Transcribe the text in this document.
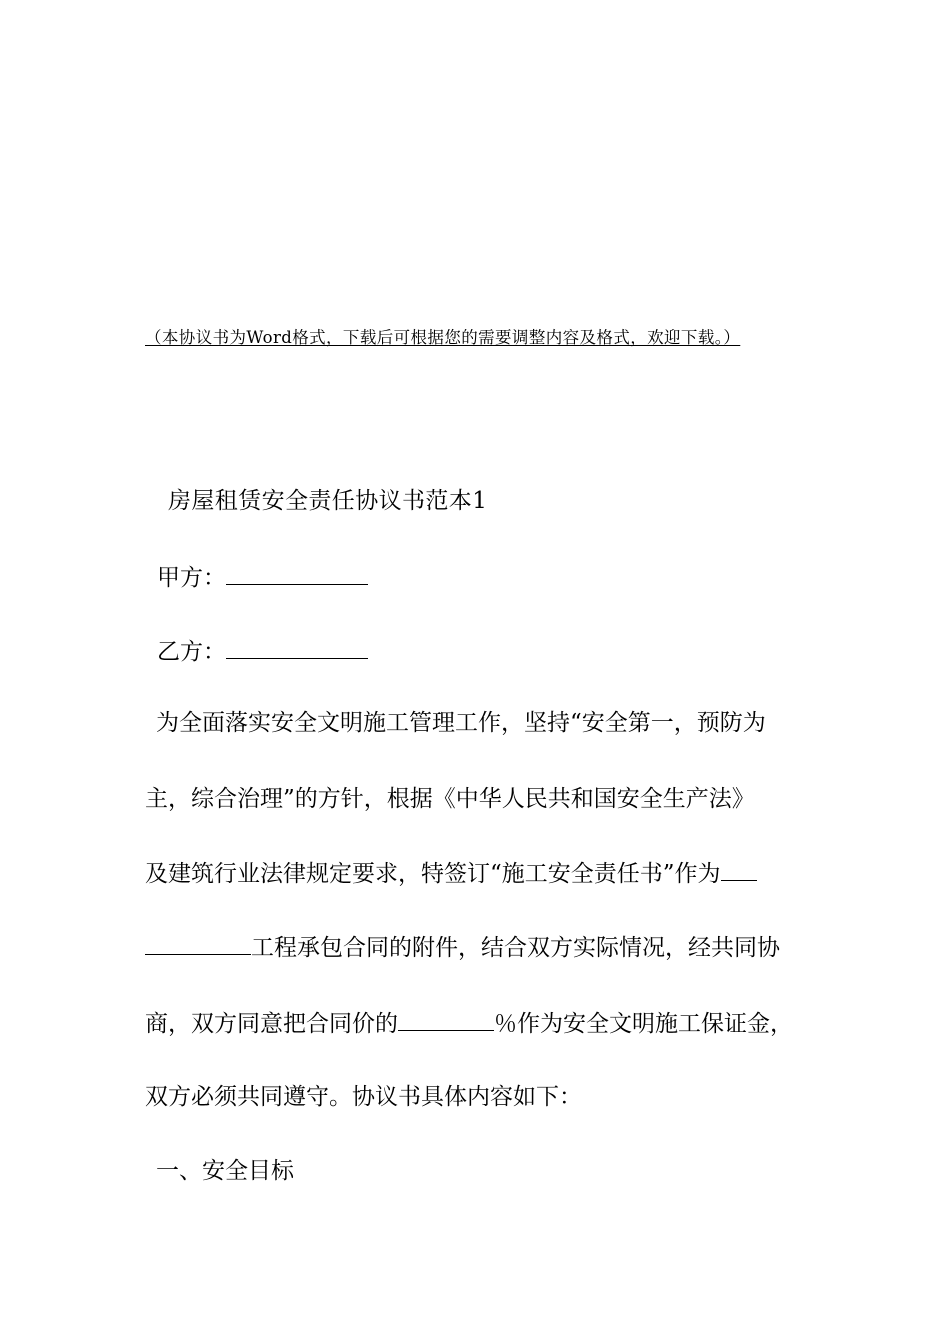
（本协议书为Word格式，下载后可根据您的需要调整内容及格式，欢迎下载。）

房屋租赁安全责任协议书范本1

甲方：

乙方：

为全面落实安全文明施工管理工作，坚持“安全第一，预防为

主，综合治理”的方针，根据《中华人民共和国安全生产法》

及建筑行业法律规定要求，特签订“施工安全责任书”作为

工程承包合同的附件，结合双方实际情况，经共同协

商，双方同意把合同价的	％作为安全文明施工保证金，

双方必须共同遵守。协议书具体内容如下：

一、安全目标
